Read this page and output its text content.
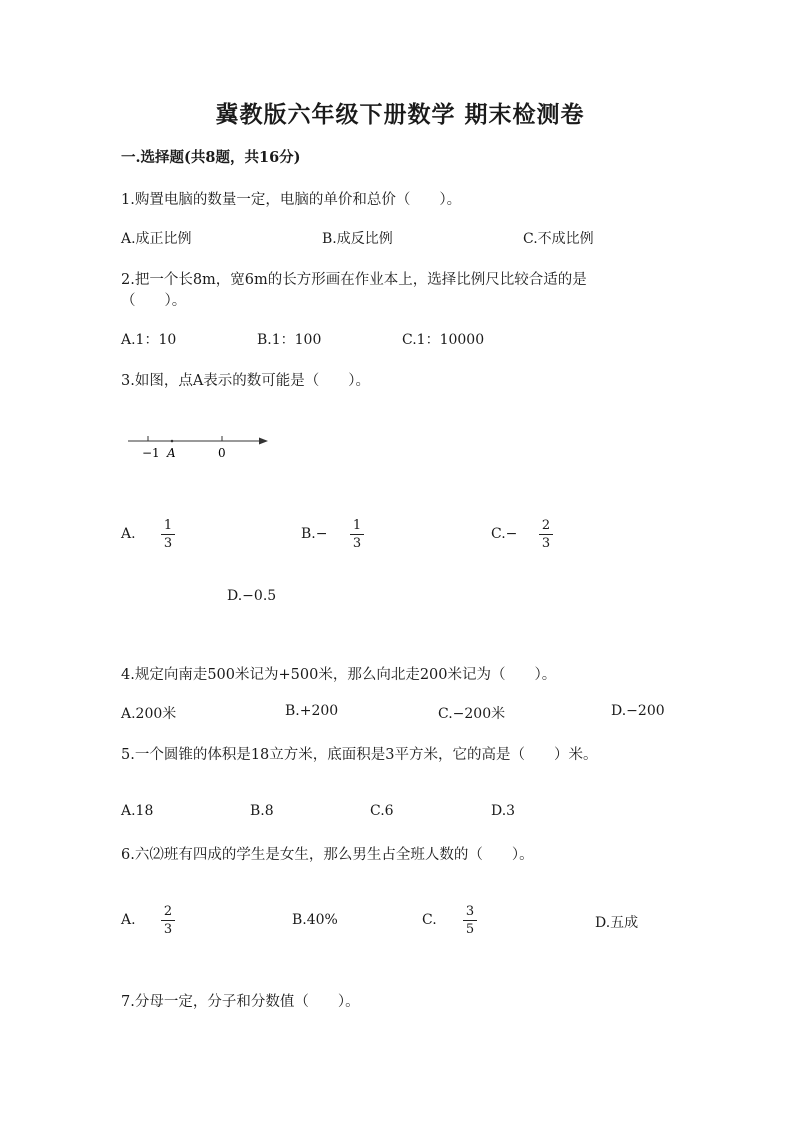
冀教版六年级下册数学 期末检测卷
一.选择题(共8题，共16分)
1.购置电脑的数量一定，电脑的单价和总价（　　）。
A.成正比例	B.成反比例	C.不成比例
2.把一个长8m，宽6m的长方形画在作业本上，选择比例尺比较合适的是
（　　）。
A.1：10	B.1：100	C.1：10000
3.如图，点A表示的数可能是（　　）。
−1 A	0
A.
1
3
B.−
1
3
C.−
2
3
D.−0.5
4.规定向南走500米记为+500米，那么向北走200米记为（　　）。
A.200米	B.+200	C.−200米	D.−200
5.一个圆锥的体积是18立方米，底面积是3平方米，它的高是（　　）米。
A.18	B.8	C.6	D.3
6.六⑵班有四成的学生是女生，那么男生占全班人数的（　　）。
A.
2
3
B.40%	C.
3
5	D.五成
7.分母一定，分子和分数值（　　）。
